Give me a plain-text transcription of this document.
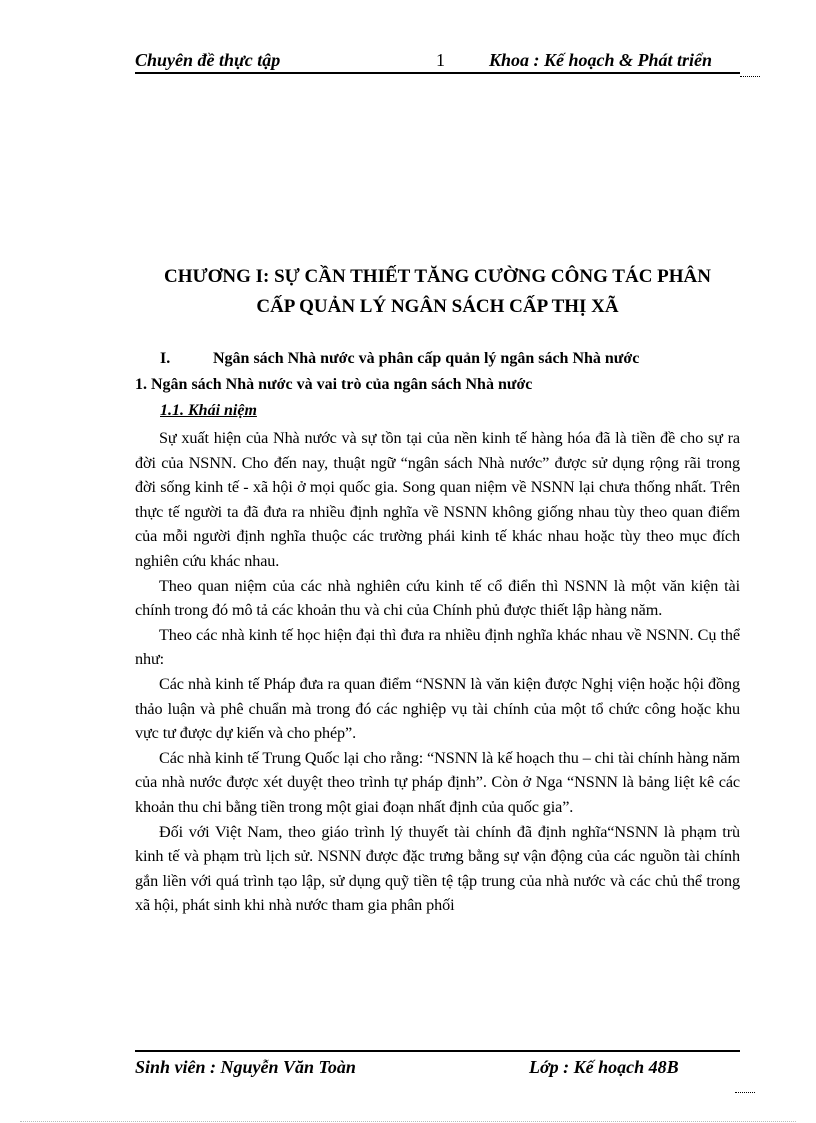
Chuyên đề thực tập	1 Khoa : Kế hoạch & Phát triển
CHƯƠNG I: SỰ CẦN THIẾT TĂNG CƯỜNG CÔNG TÁC PHÂN
CẤP QUẢN LÝ NGÂN SÁCH CẤP THỊ XÃ
I.	Ngân sách Nhà nước và phân cấp quản lý ngân sách Nhà nước
1. Ngân sách Nhà nước và vai trò của ngân sách Nhà nước
1.1. Khái niệm

Sự xuất hiện của Nhà nước và sự tồn tại của nền kinh tế hàng hóa đã là tiền đề cho sự ra đời của NSNN. Cho đến nay, thuật ngữ “ngân sách Nhà nước” được sử dụng rộng rãi trong đời sống kinh tế - xã hội ở mọi quốc gia. Song quan niệm về NSNN lại chưa thống nhất. Trên thực tế người ta đã đưa ra nhiều định nghĩa về NSNN không giống nhau tùy theo quan điểm của mỗi người định nghĩa thuộc các trường phái kinh tế khác nhau hoặc tùy theo mục đích nghiên cứu khác nhau.

Theo quan niệm của các nhà nghiên cứu kinh tế cổ điển thì NSNN là một văn kiện tài chính trong đó mô tả các khoản thu và chi của Chính phủ được thiết lập hàng năm.

Theo các nhà kinh tế học hiện đại thì đưa ra nhiều định nghĩa khác nhau về NSNN. Cụ thể như:

Các nhà kinh tế Pháp đưa ra quan điểm “NSNN là văn kiện được Nghị viện hoặc hội đồng thảo luận và phê chuẩn mà trong đó các nghiệp vụ tài chính của một tổ chức công hoặc khu vực tư được dự kiến và cho phép”.

Các nhà kinh tế Trung Quốc lại cho rằng: “NSNN là kế hoạch thu – chi tài chính hàng năm của nhà nước được xét duyệt theo trình tự pháp định”. Còn ở Nga “NSNN là bảng liệt kê các khoản thu chi bằng tiền trong một giai đoạn nhất định của quốc gia”.

Đối với Việt Nam, theo giáo trình lý thuyết tài chính đã định nghĩa“NSNN là phạm trù kinh tế và phạm trù lịch sử. NSNN được đặc trưng bằng sự vận động của các nguồn tài chính gắn liền với quá trình tạo lập, sử dụng quỹ tiền tệ tập trung của nhà nước và các chủ thể trong xã hội, phát sinh khi nhà nước tham gia phân phối

Sinh viên : Nguyễn Văn Toàn	Lớp : Kế hoạch 48B
